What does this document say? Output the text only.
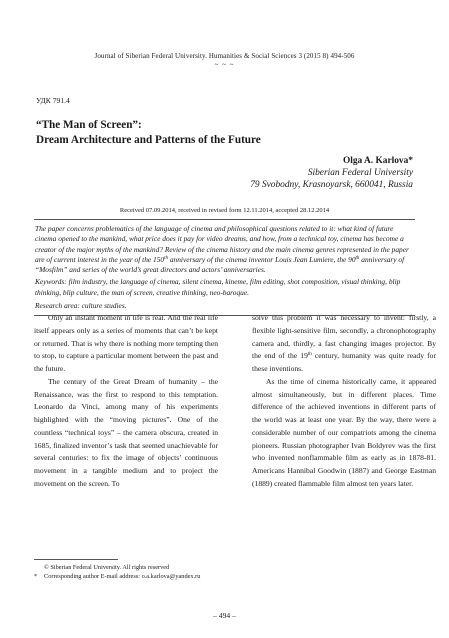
Journal of Siberian Federal University. Humanities & Social Sciences 3 (2015 8) 494-506
~ ~ ~
УДК 791.4
“The Man of Screen”:
Dream Architecture and Patterns of the Future
Olga A. Karlova*
Siberian Federal University
79 Svobodny, Krasnoyarsk, 660041, Russia
Received 07.09.2014, received in revised form 12.11.2014, accepted 28.12.2014

The paper concerns problematics of the language of cinema and philosophical questions related to it: what kind of future cinema opened to the mankind, what price does it pay for video dreams, and how, from a technical toy, cinema has become a creator of the major myths of the mankind? Review of the cinema history and the main cinema genres represented in the paper are of current interest in the year of the 150th anniversary of the cinema inventor Louis Jean Lumiere, the 90th anniversary of “Mosfilm” and series of the world’s great directors and actors’ anniversaries.

Keywords: film industry, the language of cinema, silent cinema, kineme, film editing, shot composition, visual thinking, blip thinking, blip culture, the man of screen, creative thinking, neo-baroque.

Research area: culture studies.

Only an instant moment in life is real. And the real life itself appears only as a series of moments that can’t be kept or returned. That is why there is nothing more tempting then to stop, to capture a particular moment between the past and the future.

The century of the Great Dream of humanity – the Renaissance, was the first to respond to this temptation. Leonardo da Vinci, among many of his experiments highlighted with the “moving pictures”. One of the countless “technical toys” – the camera obscura, created in 1685, finalized inventor’s task that seemed unachievable for several centuries: to fix the image of objects’ continuous movement in a tangible medium and to project the movement on the screen. To

solve this problem it was necessary to invent: firstly, a flexible light-sensitive film, secondly, a chronophotography camera and, thirdly, a fast changing images projector. By the end of the 19th century, humanity was quite ready for these inventions.

As the time of cinema historically came, it appeared almost simultaneously, but in different places. Time difference of the achieved inventions in different parts of the world was at least one year. By the way, there were a considerable number of our compatriots among the cinema pioneers. Russian photographer Ivan Boldyrev was the first who invented nonflammable film as early as in 1878-81. Americans Hannibal Goodwin (1887) and George Eastman (1889) created flammable film almost ten years later.

© Siberian Federal University. All rights reserved
* Corresponding author E-mail address: o.a.karlova@yandex.ru
– 494 –
